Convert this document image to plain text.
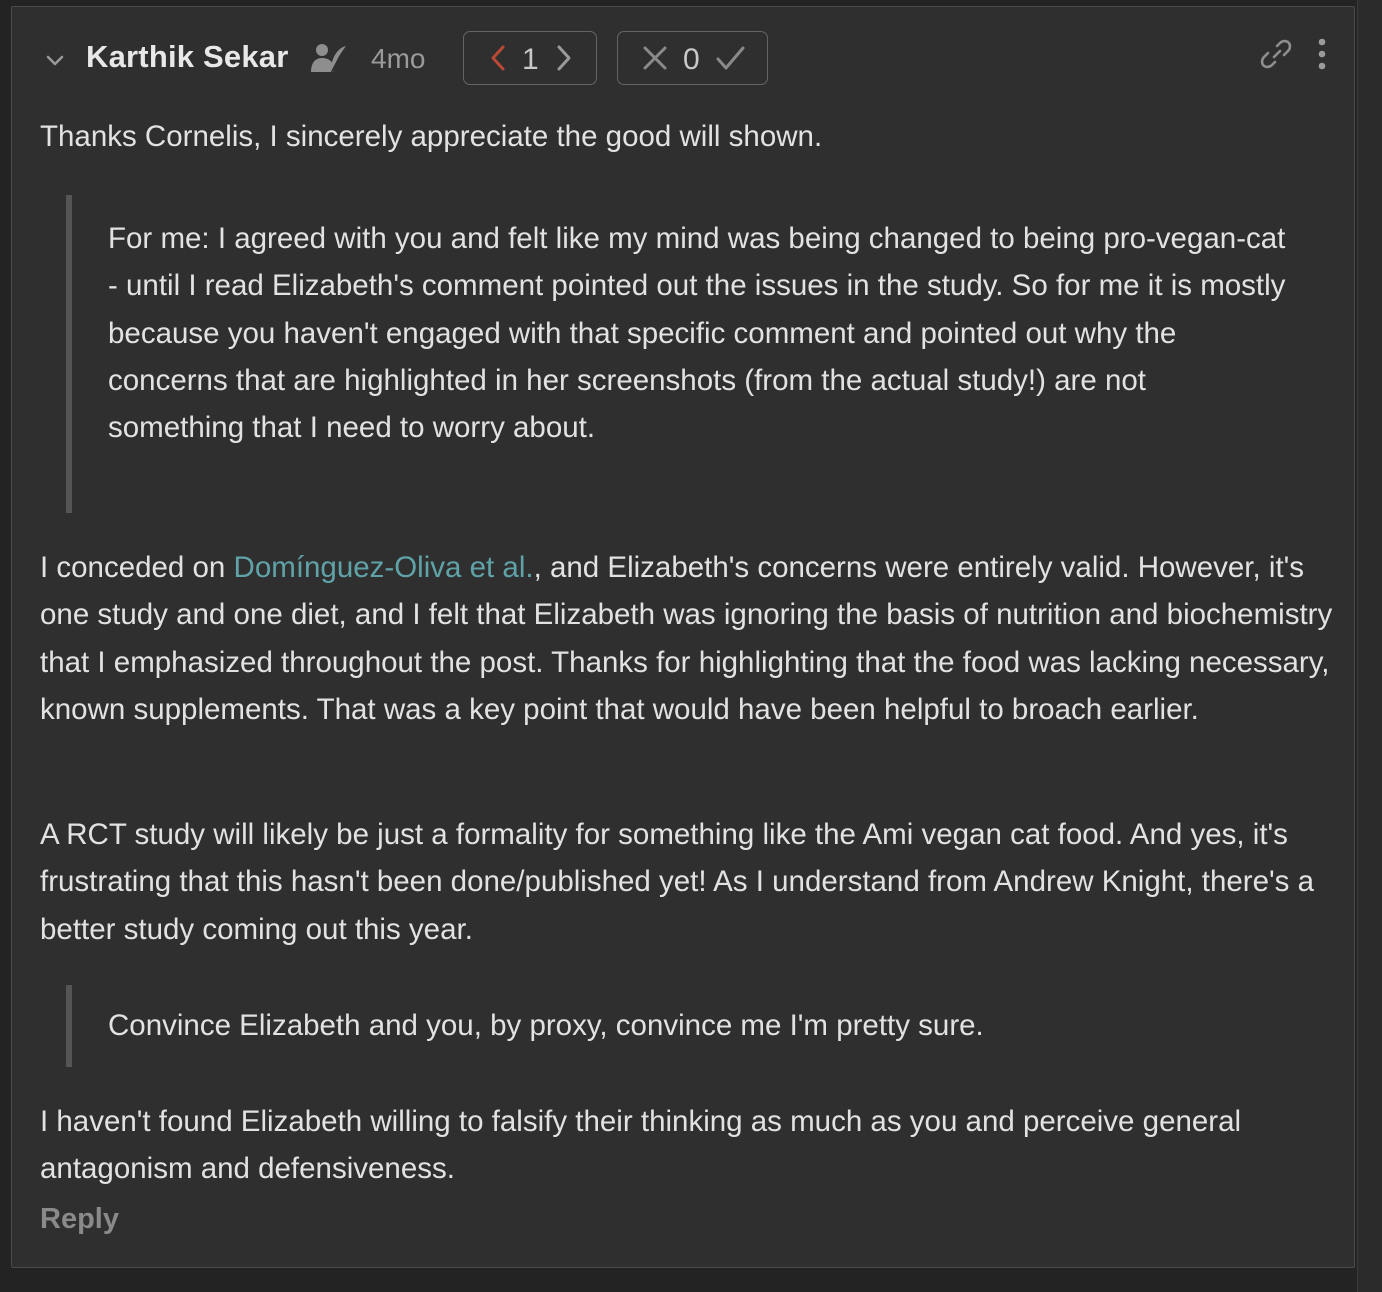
Karthik Sekar	4mo	1	0

Thanks Cornelis, I sincerely appreciate the good will shown.

For me: I agreed with you and felt like my mind was being changed to being pro-vegan-cat - until I read Elizabeth's comment pointed out the issues in the study. So for me it is mostly because you haven't engaged with that specific comment and pointed out why the concerns that are highlighted in her screenshots (from the actual study!) are not something that I need to worry about.

I conceded on Domínguez-Oliva et al., and Elizabeth's concerns were entirely valid. However, it's one study and one diet, and I felt that Elizabeth was ignoring the basis of nutrition and biochemistry that I emphasized throughout the post. Thanks for highlighting that the food was lacking necessary, known supplements. That was a key point that would have been helpful to broach earlier.

A RCT study will likely be just a formality for something like the Ami vegan cat food. And yes, it's frustrating that this hasn't been done/published yet! As I understand from Andrew Knight, there's a better study coming out this year.

Convince Elizabeth and you, by proxy, convince me I'm pretty sure.

I haven't found Elizabeth willing to falsify their thinking as much as you and perceive general antagonism and defensiveness.

Reply
